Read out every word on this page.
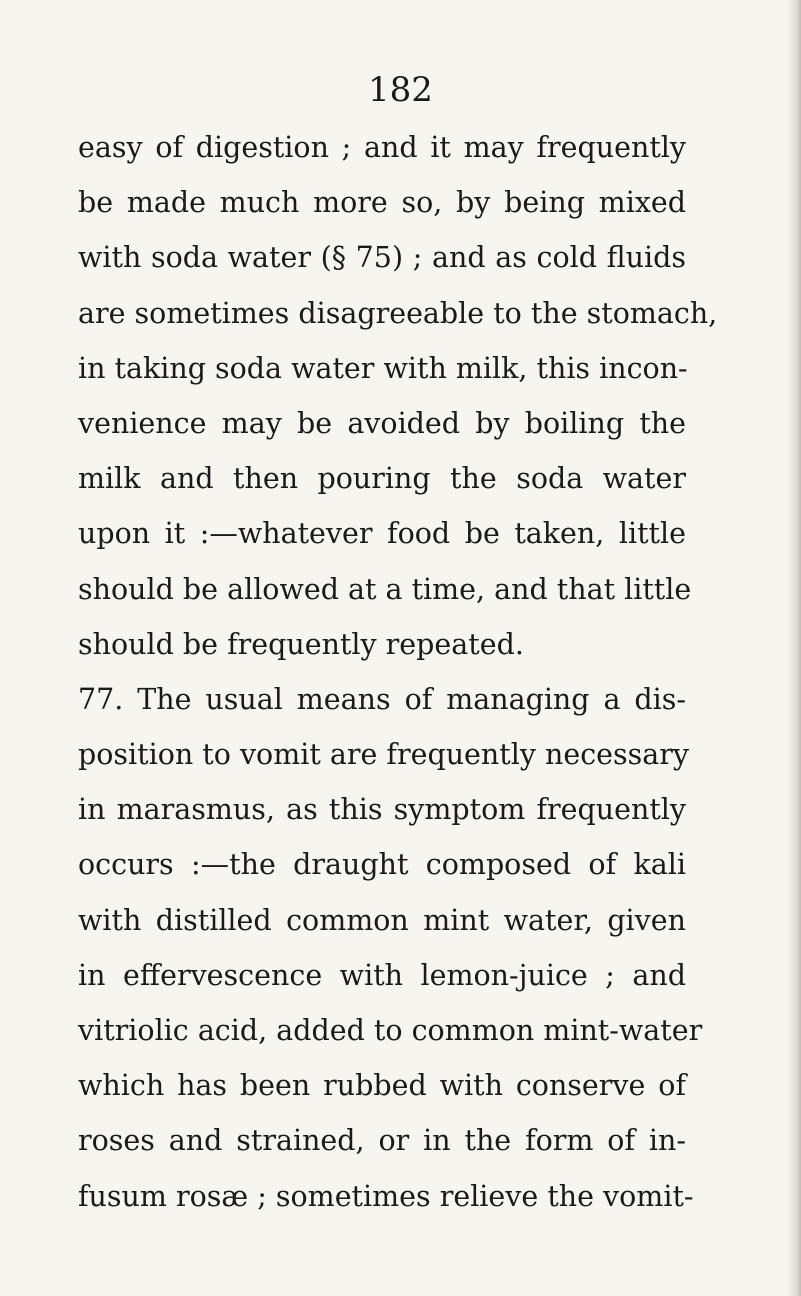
182
easy of digestion ; and it may frequently
be made much more so, by being mixed
with soda water (§ 75) ; and as cold fluids
are sometimes disagreeable to the stomach,
in taking soda water with milk, this incon-
venience may be avoided by boiling the
milk and then pouring the soda water
upon it :—whatever food be taken, little
should be allowed at a time, and that little
should be frequently repeated.
77. The usual means of managing a dis-
position to vomit are frequently necessary
in marasmus, as this symptom frequently
occurs :—the draught composed of kali
with distilled common mint water, given
in effervescence with lemon-juice ; and
vitriolic acid, added to common mint-water
which has been rubbed with conserve of
roses and strained, or in the form of in-
fusum rosæ ; sometimes relieve the vomit-
